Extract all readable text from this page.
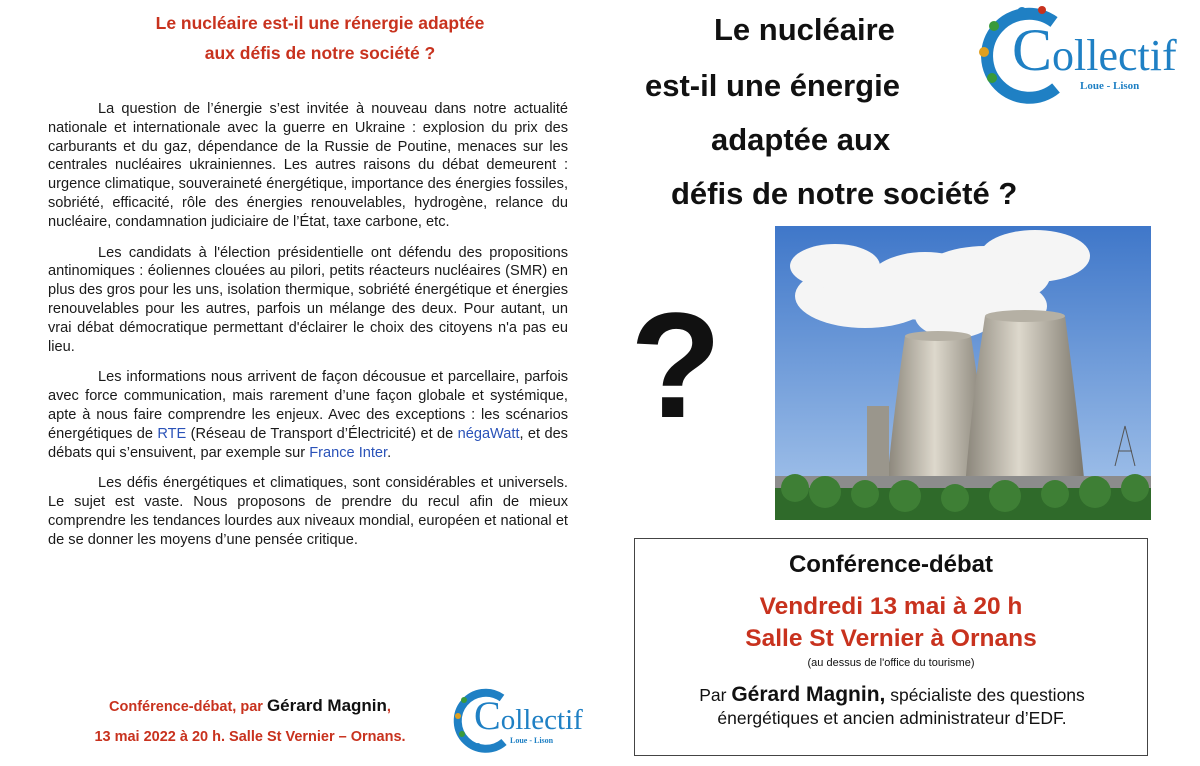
Le nucléaire est-il une rénergie adaptée
aux défis de notre société ?

La question de l’énergie s’est invitée à nouveau dans notre actualité nationale et internationale avec la guerre en Ukraine : explosion du prix des carburants et du gaz, dépendance de la Russie de Poutine, menaces sur les centrales nucléaires ukrainiennes. Les autres raisons du débat demeurent : urgence climatique, souveraineté énergétique, importance des énergies fossiles, sobriété, efficacité, rôle des énergies renouvelables, hydrogène, relance du nucléaire, condamnation judiciaire de l’État, taxe carbone, etc.

Les candidats à l'élection présidentielle ont défendu des propositions antinomiques : éoliennes clouées au pilori, petits réacteurs nucléaires (SMR) en plus des gros pour les uns, isolation thermique, sobriété énergétique et énergies renouvelables pour les autres, parfois un mélange des deux. Pour autant, un vrai débat démocratique permettant d'éclairer le choix des citoyens n'a pas eu lieu.

Les informations nous arrivent de façon décousue et parcellaire, parfois avec force communication, mais rarement d’une façon globale et systémique, apte à nous faire comprendre les enjeux. Avec des exceptions : les scénarios énergétiques de RTE (Réseau de Transport d’Électricité) et de négaWatt, et des débats qui s’ensuivent, par exemple sur France Inter.

Les défis énergétiques et climatiques, sont considérables et universels. Le sujet est vaste. Nous proposons de prendre du recul afin de mieux comprendre les tendances lourdes aux niveaux mondial, européen et national et de se donner les moyens d’une pensée critique.

Conférence-débat, par Gérard Magnin,
13 mai 2022 à 20 h. Salle St Vernier – Ornans.	Collectif
Loue - Lison
Collectif
Loue - Lison
Le nucléaire
est-il une énergie
adaptée aux
défis de notre société ?
?
Conférence-débat
Vendredi 13 mai à 20 h
Salle St Vernier à Ornans
(au dessus de l'office du tourisme)
Par Gérard Magnin, spécialiste des questions énergétiques et ancien administrateur d’EDF.
